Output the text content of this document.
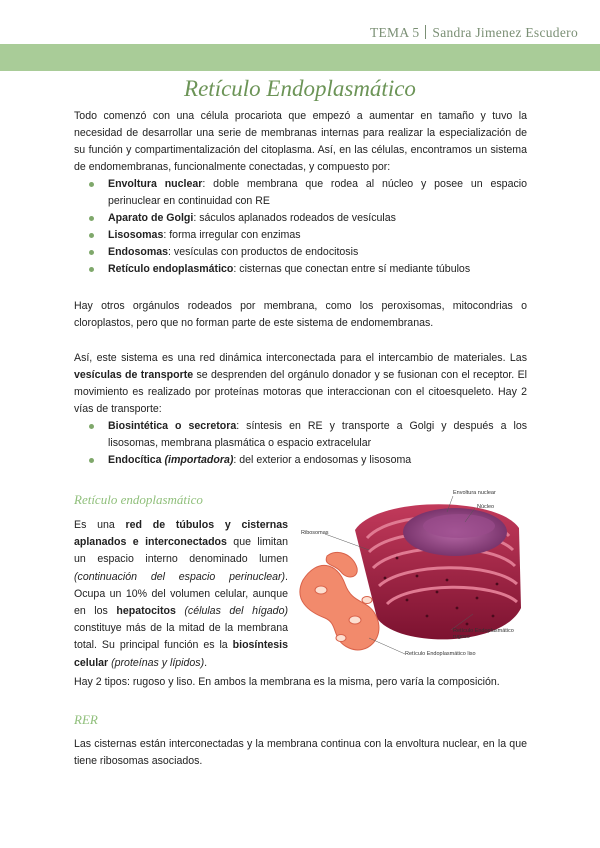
TEMA 5 Sandra Jimenez Escudero
Retículo Endoplasmático
Todo comenzó con una célula procariota que empezó a aumentar en tamaño y tuvo la necesidad de desarrollar una serie de membranas internas para realizar la especialización de su función y compartimentalización del citoplasma. Así, en las células, encontramos un sistema de endomembranas, funcionalmente conectadas, y compuesto por:
Envoltura nuclear: doble membrana que rodea al núcleo y posee un espacio perinuclear en continuidad con RE
Aparato de Golgi: sáculos aplanados rodeados de vesículas
Lisosomas: forma irregular con enzimas
Endosomas: vesículas con productos de endocitosis
Retículo endoplasmático: cisternas que conectan entre sí mediante túbulos
Hay otros orgánulos rodeados por membrana, como los peroxisomas, mitocondrias o cloroplastos, pero que no forman parte de este sistema de endomembranas.
Así, este sistema es una red dinámica interconectada para el intercambio de materiales. Las vesículas de transporte se desprenden del orgánulo donador y se fusionan con el receptor. El movimiento es realizado por proteínas motoras que interaccionan con el citoesqueleto. Hay 2 vías de transporte:
Biosintética o secretora: síntesis en RE y transporte a Golgi y después a los lisosomas, membrana plasmática o espacio extracelular
Endocítica (importadora): del exterior a endosomas y lisosoma
Retículo endoplasmático
Es una red de túbulos y cisternas aplanados e interconectados que limitan un espacio interno denominado lumen (continuación del espacio perinuclear). Ocupa un 10% del volumen celular, aunque en los hepatocitos (células del hígado) constituye más de la mitad de la membrana total. Su principal función es la biosíntesis celular (proteínas y lípidos).
Hay 2 tipos: rugoso y liso. En ambos la membrana es la misma, pero varía la composición.
Envoltura nuclear
Núcleo
Ribosomas
Retículo Endoplasmático
rugoso
Retículo Endoplasmático liso
RER
Las cisternas están interconectadas y la membrana continua con la envoltura nuclear, en la que tiene ribosomas asociados.
